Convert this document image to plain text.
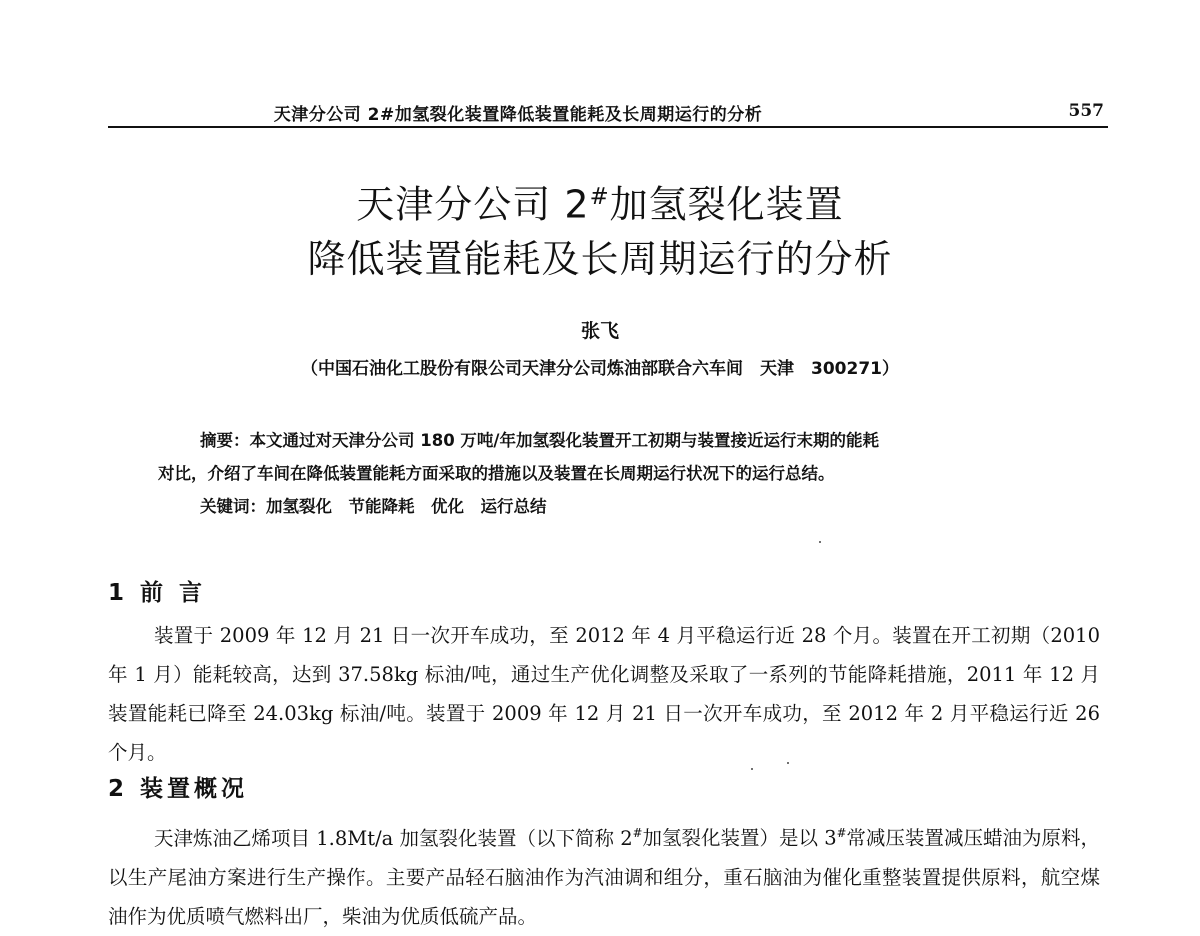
天津分公司 2#加氢裂化装置降低装置能耗及长周期运行的分析	557
天津分公司 2#加氢裂化装置
降低装置能耗及长周期运行的分析
张飞
（中国石油化工股份有限公司天津分公司炼油部联合六车间　天津　300271）
摘要：本文通过对天津分公司 180 万吨/年加氢裂化装置开工初期与装置接近运行末期的能耗
对比，介绍了车间在降低装置能耗方面采取的措施以及装置在长周期运行状况下的运行总结。
关键词：加氢裂化　 节能降耗　 优化　 运行总结
1 前 言
装置于 2009 年 12 月 21 日一次开车成功，至 2012 年 4 月平稳运行近 28 个月。装置在开工初期（2010 年 1 月）能耗较高，达到 37.58kg 标油/吨，通过生产优化调整及采取了一系列的节能降耗措施，2011 年 12 月装置能耗已降至 24.03kg 标油/吨。装置于 2009 年 12 月 21 日一次开车成功，至 2012 年 2 月平稳运行近 26 个月。
2 装置概况
天津炼油乙烯项目 1.8Mt/a 加氢裂化装置（以下简称 2#加氢裂化装置）是以 3#常减压装置减压蜡油为原料，以生产尾油方案进行生产操作。主要产品轻石脑油作为汽油调和组分，重石脑油为催化重整装置提供原料，航空煤油作为优质喷气燃料出厂，柴油为优质低硫产品。
